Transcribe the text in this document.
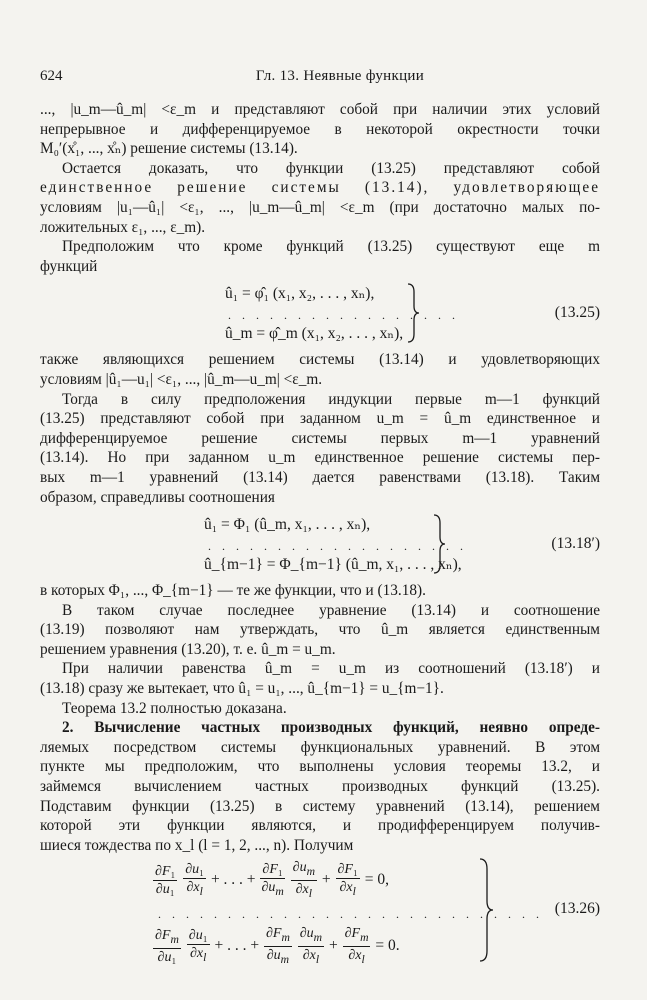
624	Гл. 13. Неявные функции
..., |u_m—û_m| <ε_m и представляют собой при наличии этих условий
непрерывное и дифференцируемое в некоторой окрестности точки
M₀′(x̊₁, ..., x̊ₙ) решение системы (13.14).
Остается доказать, что функции (13.25) представляют собой
единственное решение системы (13.14), удовлетворяющее
условиям |u₁—û₁| <ε₁, ..., |u_m—û_m| <ε_m (при достаточно малых по-
ложительных ε₁, ..., ε_m).
Предположим что кроме функций (13.25) существуют еще m
функций
û₁ = φ̂₁ (x₁, x₂, . . . , xₙ),
. . . . . . . . . . . . . . . . .
û_m = φ̂_m (x₁, x₂, . . . , xₙ),
(13.25)
также являющихся решением системы (13.14) и удовлетворяющих
условиям |û₁—u₁| <ε₁, ..., |û_m—u_m| <ε_m.
Тогда в силу предположения индукции первые m—1 функций
(13.25) представляют собой при заданном u_m = û_m единственное и
дифференцируемое решение системы первых m—1 уравнений
(13.14). Но при заданном u_m единственное решение системы пер-
вых m—1 уравнений (13.14) дается равенствами (13.18). Таким
образом, справедливы соотношения
û₁ = Φ₁ (û_m, x₁, . . . , xₙ),
. . . . . . . . . . . . . . . . . . .
û_{m−1} = Φ_{m−1} (û_m, x₁, . . . , xₙ),
(13.18′)
в которых Φ₁, ..., Φ_{m−1} — те же функции, что и (13.18).
В таком случае последнее уравнение (13.14) и соотношение
(13.19) позволяют нам утверждать, что û_m является единственным
решением уравнения (13.20), т. е. û_m = u_m.
При наличии равенства û_m = u_m из соотношений (13.18′) и
(13.18) сразу же вытекает, что û₁ = u₁, ..., û_{m−1} = u_{m−1}.
Теорема 13.2 полностью доказана.
2. Вычисление частных производных функций, неявно опреде-
ляемых посредством системы функциональных уравнений. В этом
пункте мы предположим, что выполнены условия теоремы 13.2, и
займемся вычислением частных производных функций (13.25).
Подставим функции (13.25) в систему уравнений (13.14), решением
которой эти функции являются, и продифференцируем получив-
шиеся тождества по x_l (l = 1, 2, ..., n). Получим
$\frac{\text{∂F₁}}{\text{∂u₁}}$
$\frac{\text{∂u₁}}{\partial x_l}$ + . . . + $\frac{\text{∂F₁}}{\partial u_m}$
$\frac{\partial u_m}{\partial x_l} + \frac{\text{∂F₁}}{\partial x_l} = 0$,
. . . . . . . . . . . . . . . . . . . . . . . . . . . .
$\frac{\partial F_m}{\text{∂u₁}}$
$\frac{\text{∂u₁}}{\partial x_l}$ + . . . + $\frac{\partial F_m}{\partial u_m}$
$\frac{\partial u_m}{\partial x_l} + \frac{\partial F_m}{\partial x_l} = 0$.
(13.26)
